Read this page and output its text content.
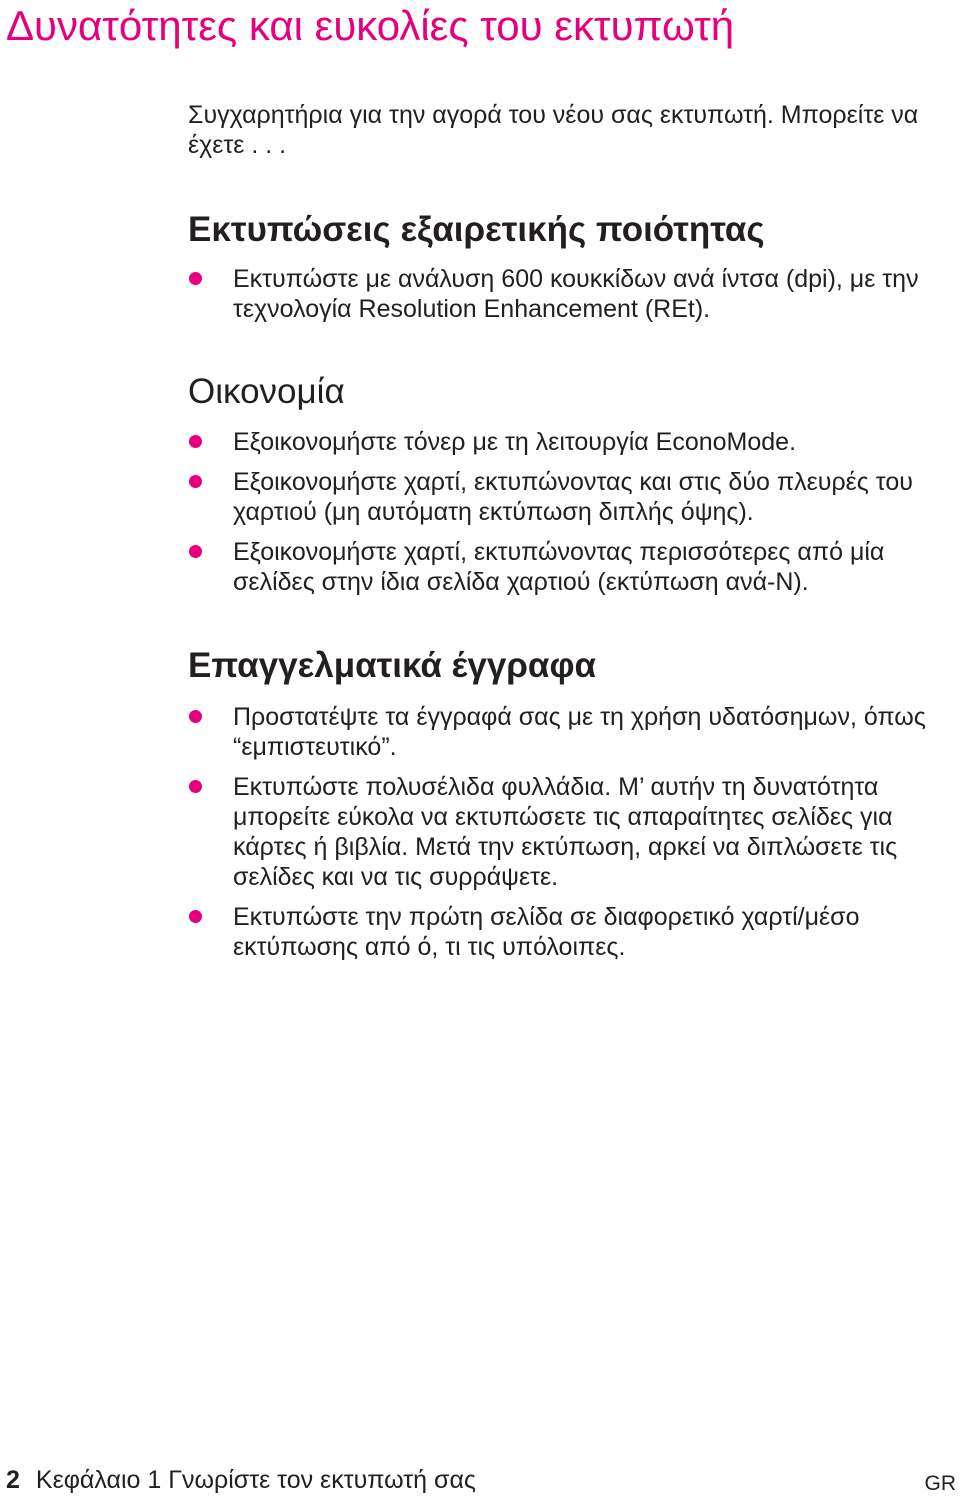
Δυνατότητες και ευκολίες του εκτυπωτή

Συγχαρητήρια για την αγορά του νέου σας εκτυπωτή. Μπορείτε να έχετε . . .

Εκτυπώσεις εξαιρετικής ποιότητας
Εκτυπώστε με ανάλυση 600 κουκκίδων ανά ίντσα (dpi), με την τεχνολογία Resolution Enhancement (REt).
Οικονομία
Εξοικονομήστε τόνερ με τη λειτουργία EconoMode.
Εξοικονομήστε χαρτί, εκτυπώνοντας και στις δύο πλευρές του χαρτιού (μη αυτόματη εκτύπωση διπλής όψης).
Εξοικονομήστε χαρτί, εκτυπώνοντας περισσότερες από μία σελίδες στην ίδια σελίδα χαρτιού (εκτύπωση ανά-N).
Επαγγελματικά έγγραφα
Προστατέψτε τα έγγραφά σας με τη χρήση υδατόσημων, όπως “εμπιστευτικό”.
Εκτυπώστε πολυσέλιδα φυλλάδια. Μ’ αυτήν τη δυνατότητα μπορείτε εύκολα να εκτυπώσετε τις απαραίτητες σελίδες για κάρτες ή βιβλία. Μετά την εκτύπωση, αρκεί να διπλώσετε τις σελίδες και να τις συρράψετε.
Εκτυπώστε την πρώτη σελίδα σε διαφορετικό χαρτί/μέσο εκτύπωσης από ό, τι τις υπόλοιπες.
2 Κεφάλαιο 1 Γνωρίστε τον εκτυπωτή σας	GR
